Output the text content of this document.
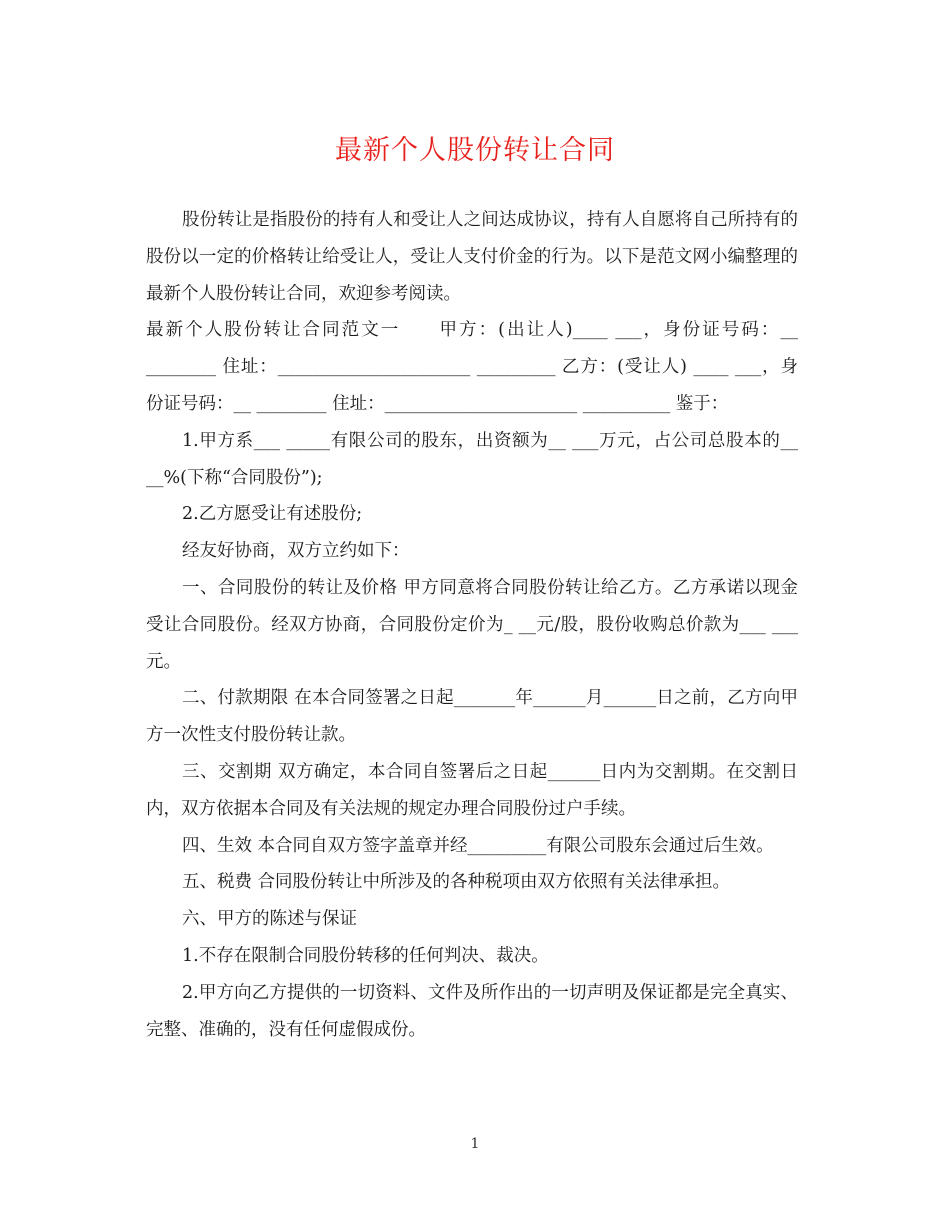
最新个人股份转让合同

股份转让是指股份的持有人和受让人之间达成协议，持有人自愿将自己所持有的股份以一定的价格转让给受让人，受让人支付价金的行为。以下是范文网小编整理的最新个人股份转让合同，欢迎参考阅读。

最新个人股份转让合同范文一　　甲方：(出让人)____ ___，身份证号码：__ ________ 住址：______________________ _________ 乙方：(受让人) ____ ___，身份证号码：__ ________ 住址：______________________ __________ 鉴于：

1.甲方系___ _____有限公司的股东，出资额为__ ___万元，占公司总股本的__ __%(下称“合同股份”);

2.乙方愿受让有述股份;

经友好协商，双方立约如下：

一、合同股份的转让及价格 甲方同意将合同股份转让给乙方。乙方承诺以现金受让合同股份。经双方协商，合同股份定价为_ __元/股，股份收购总价款为___ ___元。

二、付款期限 在本合同签署之日起_______年______月______日之前，乙方向甲方一次性支付股份转让款。

三、交割期 双方确定，本合同自签署后之日起______日内为交割期。在交割日内，双方依据本合同及有关法规的规定办理合同股份过户手续。

四、生效 本合同自双方签字盖章并经_________有限公司股东会通过后生效。

五、税费 合同股份转让中所涉及的各种税项由双方依照有关法律承担。

六、甲方的陈述与保证

1.不存在限制合同股份转移的任何判决、裁决。

2.甲方向乙方提供的一切资料、文件及所作出的一切声明及保证都是完全真实、完整、准确的，没有任何虚假成份。

1
